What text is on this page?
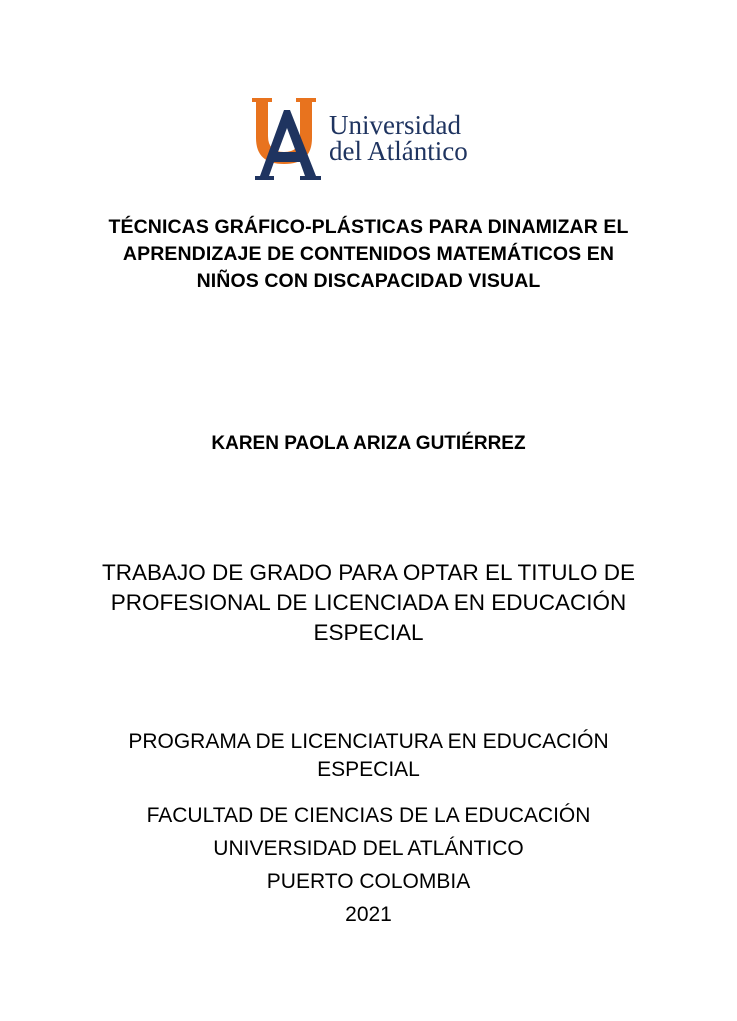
Universidad
del Atlántico
TÉCNICAS GRÁFICO-PLÁSTICAS PARA DINAMIZAR EL
APRENDIZAJE DE CONTENIDOS MATEMÁTICOS EN
NIÑOS CON DISCAPACIDAD VISUAL
KAREN PAOLA ARIZA GUTIÉRREZ
TRABAJO DE GRADO PARA OPTAR EL TITULO DE
PROFESIONAL DE LICENCIADA EN EDUCACIÓN
ESPECIAL
PROGRAMA DE LICENCIATURA EN EDUCACIÓN
ESPECIAL
FACULTAD DE CIENCIAS DE LA EDUCACIÓN
UNIVERSIDAD DEL ATLÁNTICO
PUERTO COLOMBIA
2021
